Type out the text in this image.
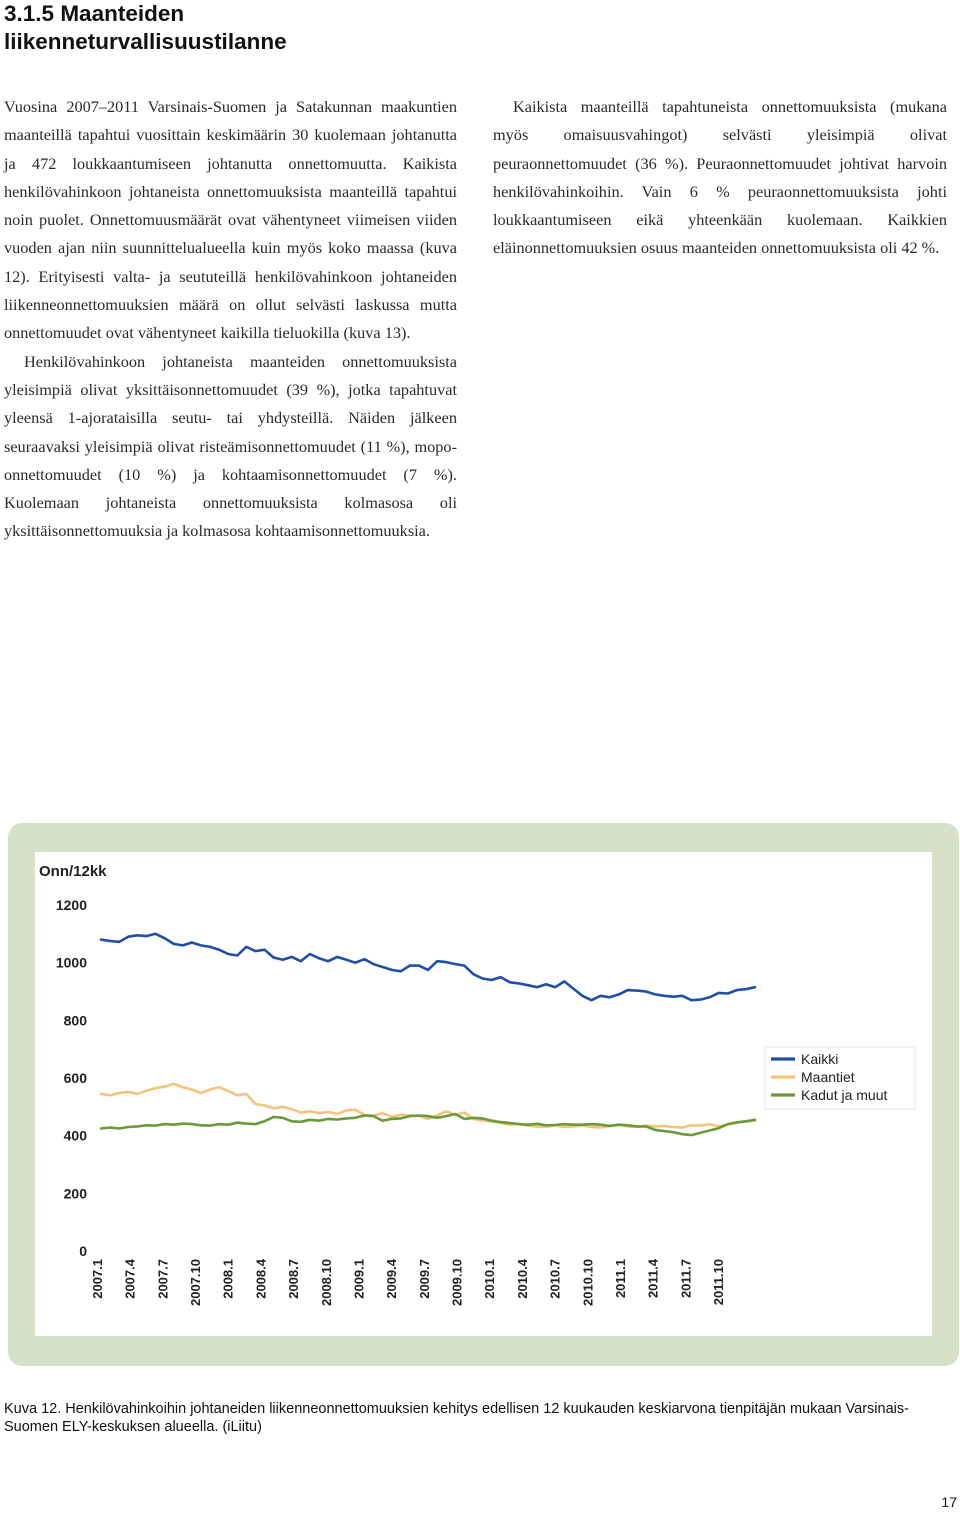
3.1.5 Maanteiden
liikenneturvallisuustilanne

Vuosina 2007–2011 Varsinais-Suomen ja Satakunnan maakuntien maanteillä tapahtui vuosittain keskimäärin 30 kuolemaan johtanutta ja 472 loukkaantumiseen johtanutta onnettomuutta. Kaikista henkilövahinkoon johtaneista onnettomuuksista maanteillä tapahtui noin puolet. Onnettomuusmäärät ovat vähentyneet viimeisen viiden vuoden ajan niin suunnittelualueella kuin myös koko maassa (kuva 12). Erityisesti valta- ja seututeillä henkilövahinkoon johtaneiden liikenneonnettomuuksien määrä on ollut selvästi laskussa mutta onnettomuudet ovat vähentyneet kaikilla tieluokilla (kuva 13).

Henkilövahinkoon johtaneista maanteiden onnettomuuksista yleisimpiä olivat yksittäisonnettomuudet (39 %), jotka tapahtuvat yleensä 1-ajorataisilla seutu- tai yhdysteillä. Näiden jälkeen seuraavaksi yleisimpiä olivat risteämisonnettomuudet (11 %), mopo-onnettomuudet (10 %) ja kohtaamisonnettomuudet (7 %). Kuolemaan johtaneista onnettomuuksista kolmasosa oli yksittäisonnettomuuksia ja kolmasosa kohtaamisonnettomuuksia.

Kaikista maanteillä tapahtuneista onnettomuuksista (mukana myös omaisuusvahingot) selvästi yleisimpiä olivat peuraonnettomuudet (36 %). Peuraonnettomuudet johtivat harvoin henkilövahinkoihin. Vain 6 % peuraonnettomuuksista johti loukkaantumiseen eikä yhteenkään kuolemaan. Kaikkien eläinonnettomuuksien osuus maanteiden onnettomuuksista oli 42 %.

Onn/12kk
0
200
400
600
800
1000
1200
2007.1 2007.4 2007.7 2007.10 2008.1 2008.4 2008.7 2008.10 2009.1 2009.4 2009.7 2009.10 2010.1 2010.4 2010.7 2010.10 2011.1 2011.4 2011.7 2011.10
Kaikki
Maantiet
Kadut ja muut
Kuva 12. Henkilövahinkoihin johtaneiden liikenneonnettomuuksien kehitys edellisen 12 kuukauden keskiarvona tienpitäjän mukaan Varsinais-Suomen ELY-keskuksen alueella. (iLiitu)
17
